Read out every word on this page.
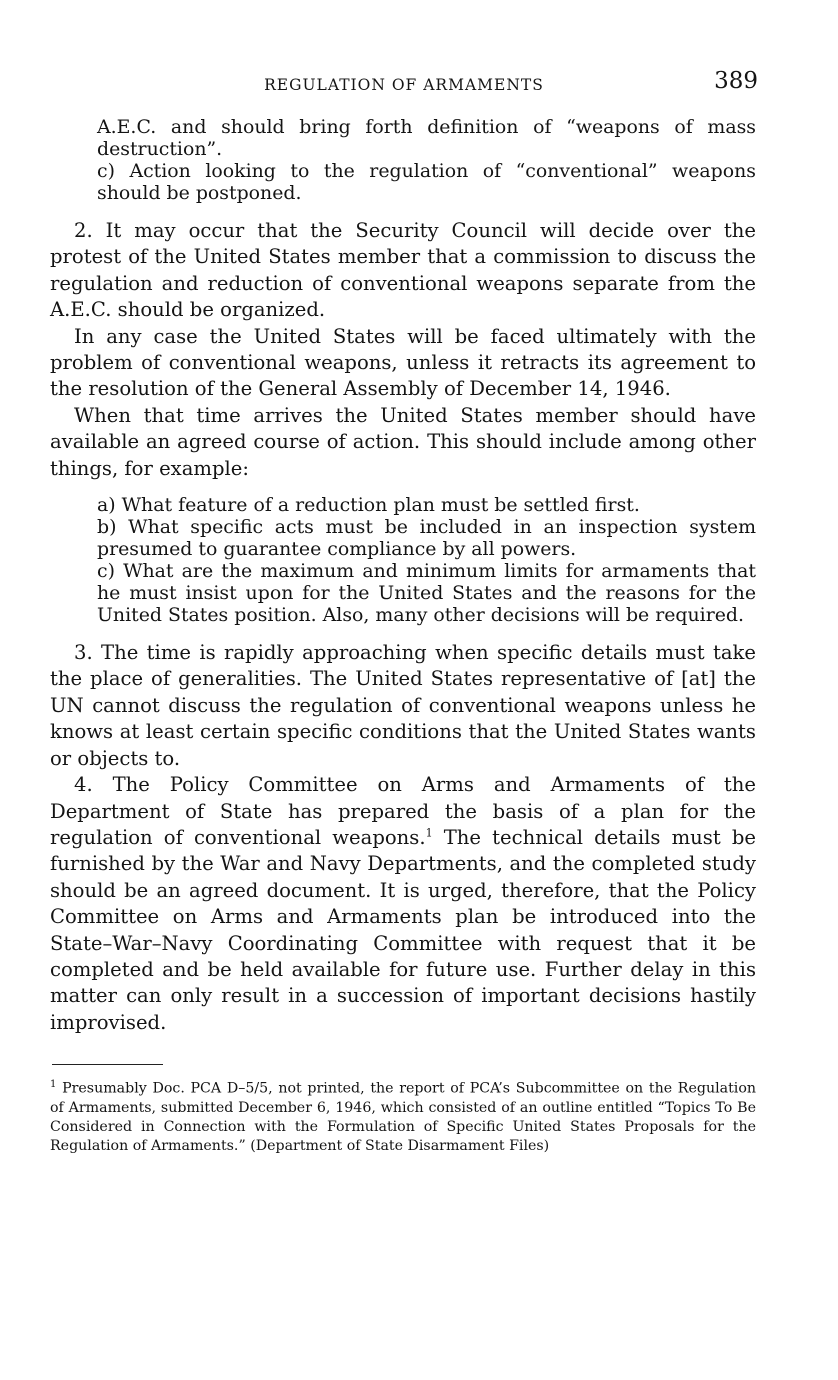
REGULATION OF ARMAMENTS	389

A.E.C. and should bring forth definition of “weapons of mass destruction”.

c) Action looking to the regulation of “conventional” weapons should be postponed.

2. It may occur that the Security Council will decide over the protest of the United States member that a commission to discuss the regulation and reduction of conventional weapons separate from the A.E.C. should be organized.

In any case the United States will be faced ultimately with the problem of conventional weapons, unless it retracts its agreement to the resolution of the General Assembly of December 14, 1946.

When that time arrives the United States member should have available an agreed course of action. This should include among other things, for example:

a) What feature of a reduction plan must be settled first.

b) What specific acts must be included in an inspection system presumed to guarantee compliance by all powers.

c) What are the maximum and minimum limits for armaments that he must insist upon for the United States and the reasons for the United States position. Also, many other decisions will be required.

3. The time is rapidly approaching when specific details must take the place of generalities. The United States representative of [at] the UN cannot discuss the regulation of conventional weapons unless he knows at least certain specific conditions that the United States wants or objects to.

4. The Policy Committee on Arms and Armaments of the Department of State has prepared the basis of a plan for the regulation of conventional weapons.$^1$ The technical details must be furnished by the War and Navy Departments, and the completed study should be an agreed document. It is urged, therefore, that the Policy Committee on Arms and Armaments plan be introduced into the State–War–Navy Coordinating Committee with request that it be completed and be held available for future use. Further delay in this matter can only result in a succession of important decisions hastily improvised.

$^1$ Presumably Doc. PCA D–5/5, not printed, the report of PCA’s Subcommittee on the Regulation of Armaments, submitted December 6, 1946, which consisted of an outline entitled “Topics To Be Considered in Connection with the Formulation of Specific United States Proposals for the Regulation of Armaments.” (Department of State Disarmament Files)
